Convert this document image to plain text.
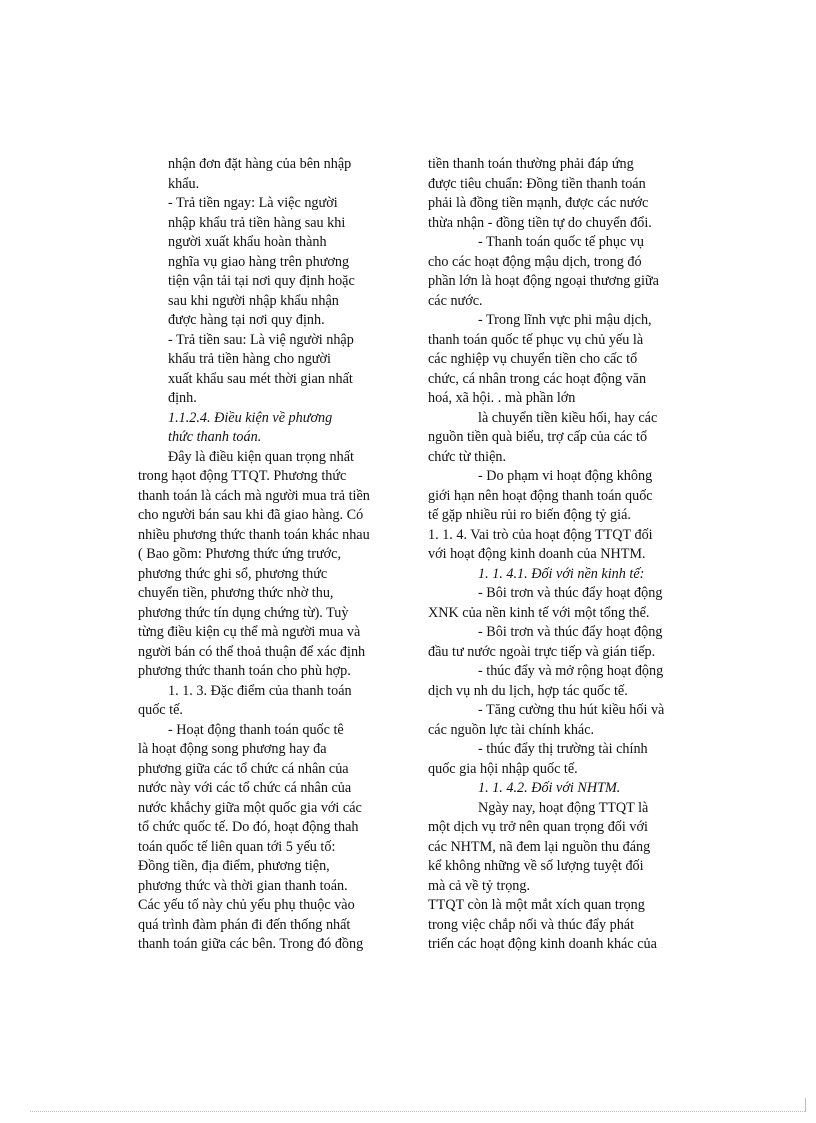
nhận đơn đặt hàng của bên nhập
khẩu.
- Trả tiền ngay: Là việc người
nhập khẩu trả tiền hàng sau khi
người xuất khẩu hoàn thành
nghĩa vụ giao hàng trên phương
tiện vận tải tại nơi quy định hoặc
sau khi người nhập khẩu nhận
được hàng tại nơi quy định.
- Trả tiền sau: Là việ người nhập
khẩu trả tiền hàng cho người
xuất khẩu sau mét thời gian nhất
định.
1.1.2.4. Điều kiện về phương
thức thanh toán.
Đây là điều kiện quan trọng nhất
trong hạot động TTQT. Phương thức
thanh toán là cách mà người mua trả tiền
cho người bán sau khi đã giao hàng. Có
nhiều phương thức thanh toán khác nhau
( Bao gồm: Phương thức ứng trước,
phương thức ghi sổ, phương thức
chuyển tiền, phương thức nhờ thu,
phương thức tín dụng chứng từ). Tuỳ
từng điều kiện cụ thể mà người mua và
người bán có thể thoả thuận để xác định
phương thức thanh toán cho phù hợp.
1. 1. 3. Đặc điểm của thanh toán
quốc tế.
- Hoạt động thanh toán quốc tê
là hoạt động song phương hay đa
phương giữa các tổ chức cá nhân của
nước này với các tổ chức cá nhân của
nước khắchy giữa một quốc gia với các
tổ chức quốc tế. Do đó, hoạt động thah
toán quốc tế liên quan tới 5 yếu tố:
Đồng tiền, địa điểm, phương tiện,
phương thức và thời gian thanh toán.
Các yếu tố này chủ yếu phụ thuộc vào
quá trình đàm phán đi đến thống nhất
thanh toán giữa các bên. Trong đó đồng
tiền thanh toán thường phải đáp ứng
được tiêu chuẩn: Đồng tiền thanh toán
phải là đồng tiền mạnh, được các nước
thừa nhận - đồng tiền tự do chuyển đổi.
- Thanh toán quốc tế phục vụ
cho các hoạt động mậu dịch, trong đó
phần lớn là hoạt động ngoại thương giữa
các nước.
- Trong lĩnh vực phi mậu dịch,
thanh toán quốc tế phục vụ chủ yếu là
các nghiệp vụ chuyển tiền cho cấc tổ
chức, cá nhân trong các hoạt động văn
hoá, xã hội. . mà phần lớn
là chuyển tiền kiều hối, hay các
nguồn tiền quà biếu, trợ cấp của các tổ
chức từ thiện.
- Do phạm vi hoạt động không
giới hạn nên hoạt động thanh toán quốc
tế gặp nhiều rủi ro biến động tỷ giá.
1. 1. 4. Vai trò của hoạt động TTQT đối
với hoạt động kinh doanh của NHTM.
1. 1. 4.1. Đối với nền kinh tế:
- Bôi trơn và thúc đẩy hoạt động
XNK của nền kinh tế với một tổng thể.
- Bôi trơn và thúc đẩy hoạt động
đầu tư nước ngoài trực tiếp và gián tiếp.
- thúc đẩy và mở rộng hoạt động
dịch vụ nh du lịch, hợp tác quốc tế.
- Tăng cường thu hút kiều hối và
các nguồn lực tài chính khác.
- thúc đẩy thị trường tài chính
quốc gia hội nhập quốc tế.
1. 1. 4.2. Đối với NHTM.
Ngày nay, hoạt động TTQT là
một dịch vụ trở nên quan trọng đối với
các NHTM, nã đem lại nguồn thu đáng
kể không những về số lượng tuyệt đối
mà cả về tỷ trọng.
TTQT còn là một mắt xích quan trọng
trong việc chắp nối và thúc đẩy phát
triển các hoạt động kinh doanh khác của
